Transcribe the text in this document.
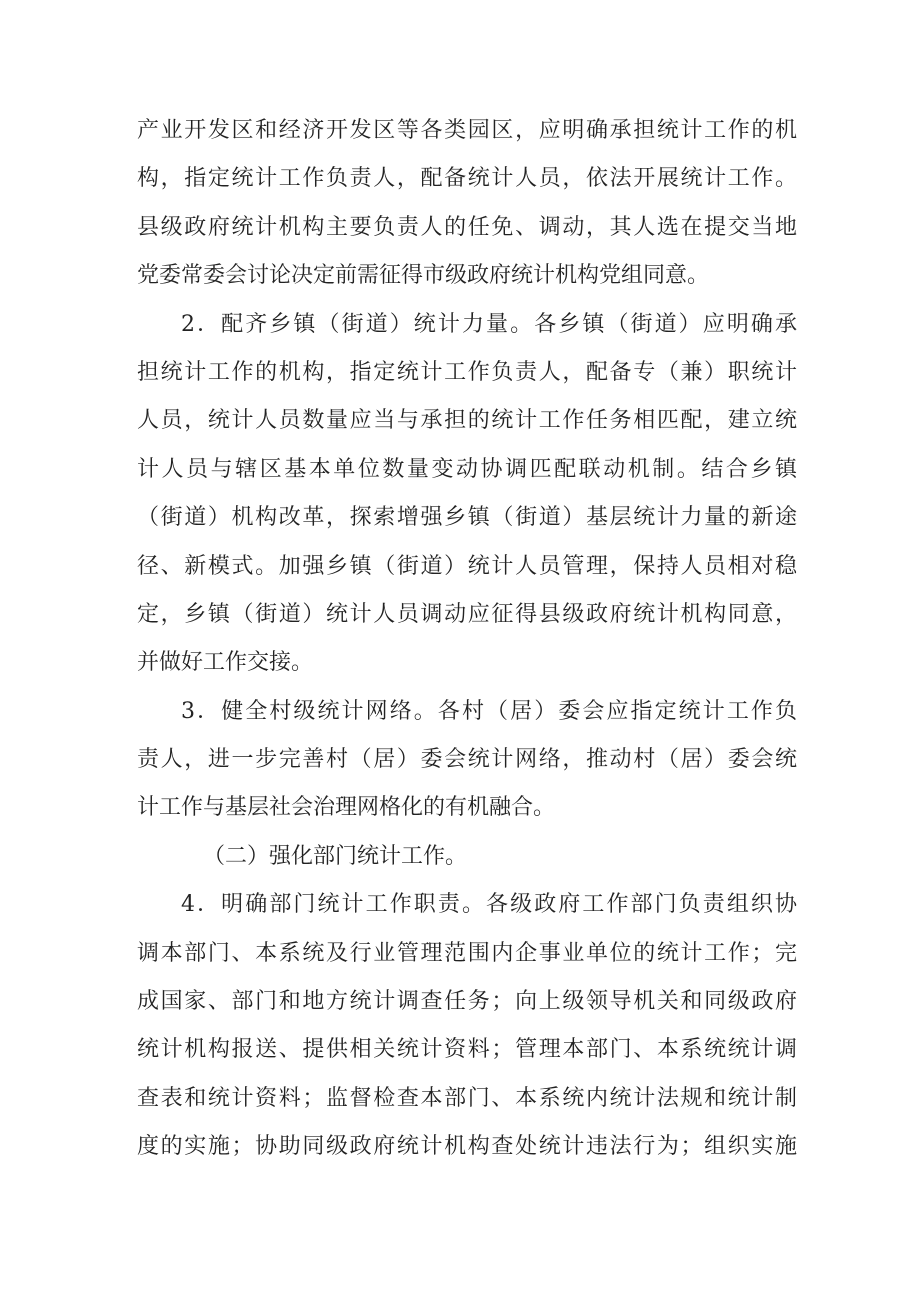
产业开发区和经济开发区等各类园区，应明确承担统计工作的机
构，指定统计工作负责人，配备统计人员，依法开展统计工作。
县级政府统计机构主要负责人的任免、调动，其人选在提交当地
党委常委会讨论决定前需征得市级政府统计机构党组同意。
2．配齐乡镇（街道）统计力量。各乡镇（街道）应明确承
担统计工作的机构，指定统计工作负责人，配备专（兼）职统计
人员，统计人员数量应当与承担的统计工作任务相匹配，建立统
计人员与辖区基本单位数量变动协调匹配联动机制。结合乡镇
（街道）机构改革，探索增强乡镇（街道）基层统计力量的新途
径、新模式。加强乡镇（街道）统计人员管理，保持人员相对稳
定，乡镇（街道）统计人员调动应征得县级政府统计机构同意，
并做好工作交接。
3．健全村级统计网络。各村（居）委会应指定统计工作负
责人，进一步完善村（居）委会统计网络，推动村（居）委会统
计工作与基层社会治理网格化的有机融合。
（二）强化部门统计工作。
4．明确部门统计工作职责。各级政府工作部门负责组织协
调本部门、本系统及行业管理范围内企事业单位的统计工作；完
成国家、部门和地方统计调查任务；向上级领导机关和同级政府
统计机构报送、提供相关统计资料；管理本部门、本系统统计调
查表和统计资料；监督检查本部门、本系统内统计法规和统计制
度的实施；协助同级政府统计机构查处统计违法行为；组织实施
